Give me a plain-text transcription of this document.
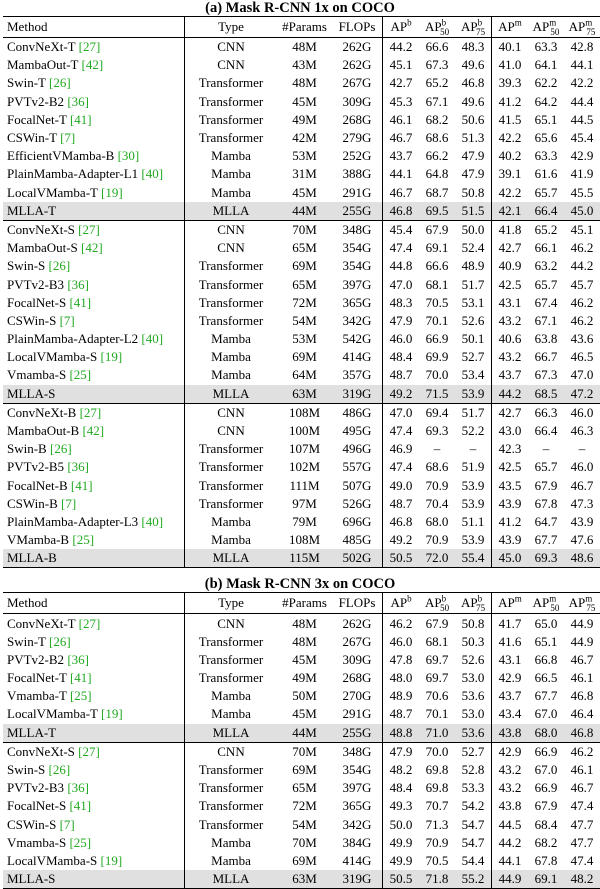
(a) Mask R-CNN 1x on COCO
Method	Type	#Params	FLOPs	$AP^b$	$AP^b_{50}$	$AP^b_{75}$	$AP^m$	$AP^m_{50}$	$AP^m_{75}$
ConvNeXt-T [27]	CNN	48M	262G	44.2	66.6	48.3	40.1	63.3	42.8
MambaOut-T [42]	CNN	43M	262G	45.1	67.3	49.6	41.0	64.1	44.1
Swin-T [26]	Transformer	48M	267G	42.7	65.2	46.8	39.3	62.2	42.2
PVTv2-B2 [36]	Transformer	45M	309G	45.3	67.1	49.6	41.2	64.2	44.4
FocalNet-T [41]	Transformer	49M	268G	46.1	68.2	50.6	41.5	65.1	44.5
CSWin-T [7]	Transformer	42M	279G	46.7	68.6	51.3	42.2	65.6	45.4
EfficientVMamba-B [30]	Mamba	53M	252G	43.7	66.2	47.9	40.2	63.3	42.9
PlainMamba-Adapter-L1 [40]	Mamba	31M	388G	44.1	64.8	47.9	39.1	61.6	41.9
LocalVMamba-T [19]	Mamba	45M	291G	46.7	68.7	50.8	42.2	65.7	45.5
MLLA-T	MLLA	44M	255G	46.8	69.5	51.5	42.1	66.4	45.0
ConvNeXt-S [27]	CNN	70M	348G	45.4	67.9	50.0	41.8	65.2	45.1
MambaOut-S [42]	CNN	65M	354G	47.4	69.1	52.4	42.7	66.1	46.2
Swin-S [26]	Transformer	69M	354G	44.8	66.6	48.9	40.9	63.2	44.2
PVTv2-B3 [36]	Transformer	65M	397G	47.0	68.1	51.7	42.5	65.7	45.7
FocalNet-S [41]	Transformer	72M	365G	48.3	70.5	53.1	43.1	67.4	46.2
CSWin-S [7]	Transformer	54M	342G	47.9	70.1	52.6	43.2	67.1	46.2
PlainMamba-Adapter-L2 [40]	Mamba	53M	542G	46.0	66.9	50.1	40.6	63.8	43.6
LocalVMamba-S [19]	Mamba	69M	414G	48.4	69.9	52.7	43.2	66.7	46.5
Vmamba-S [25]	Mamba	64M	357G	48.7	70.0	53.4	43.7	67.3	47.0
MLLA-S	MLLA	63M	319G	49.2	71.5	53.9	44.2	68.5	47.2
ConvNeXt-B [27]	CNN	108M	486G	47.0	69.4	51.7	42.7	66.3	46.0
MambaOut-B [42]	CNN	100M	495G	47.4	69.3	52.2	43.0	66.4	46.3
Swin-B [26]	Transformer	107M	496G	46.9	–	–	42.3	–	–
PVTv2-B5 [36]	Transformer	102M	557G	47.4	68.6	51.9	42.5	65.7	46.0
FocalNet-B [41]	Transformer	111M	507G	49.0	70.9	53.9	43.5	67.9	46.7
CSWin-B [7]	Transformer	97M	526G	48.7	70.4	53.9	43.9	67.8	47.3
PlainMamba-Adapter-L3 [40]	Mamba	79M	696G	46.8	68.0	51.1	41.2	64.7	43.9
VMamba-B [25]	Mamba	108M	485G	49.2	70.9	53.9	43.9	67.7	47.6
MLLA-B	MLLA	115M	502G	50.5	72.0	55.4	45.0	69.3	48.6
(b) Mask R-CNN 3x on COCO
Method	Type	#Params	FLOPs	$AP^b$	$AP^b_{50}$	$AP^b_{75}$	$AP^m$	$AP^m_{50}$	$AP^m_{75}$
ConvNeXt-T [27]	CNN	48M	262G	46.2	67.9	50.8	41.7	65.0	44.9
Swin-T [26]	Transformer	48M	267G	46.0	68.1	50.3	41.6	65.1	44.9
PVTv2-B2 [36]	Transformer	45M	309G	47.8	69.7	52.6	43.1	66.8	46.7
FocalNet-T [41]	Transformer	49M	268G	48.0	69.7	53.0	42.9	66.5	46.1
Vmamba-T [25]	Mamba	50M	270G	48.9	70.6	53.6	43.7	67.7	46.8
LocalVMamba-T [19]	Mamba	45M	291G	48.7	70.1	53.0	43.4	67.0	46.4
MLLA-T	MLLA	44M	255G	48.8	71.0	53.6	43.8	68.0	46.8
ConvNeXt-S [27]	CNN	70M	348G	47.9	70.0	52.7	42.9	66.9	46.2
Swin-S [26]	Transformer	69M	354G	48.2	69.8	52.8	43.2	67.0	46.1
PVTv2-B3 [36]	Transformer	65M	397G	48.4	69.8	53.3	43.2	66.9	46.7
FocalNet-S [41]	Transformer	72M	365G	49.3	70.7	54.2	43.8	67.9	47.4
CSWin-S [7]	Transformer	54M	342G	50.0	71.3	54.7	44.5	68.4	47.7
Vmamba-S [25]	Mamba	70M	384G	49.9	70.9	54.7	44.2	68.2	47.7
LocalVMamba-S [19]	Mamba	69M	414G	49.9	70.5	54.4	44.1	67.8	47.4
MLLA-S	MLLA	63M	319G	50.5	71.8	55.2	44.9	69.1	48.2
